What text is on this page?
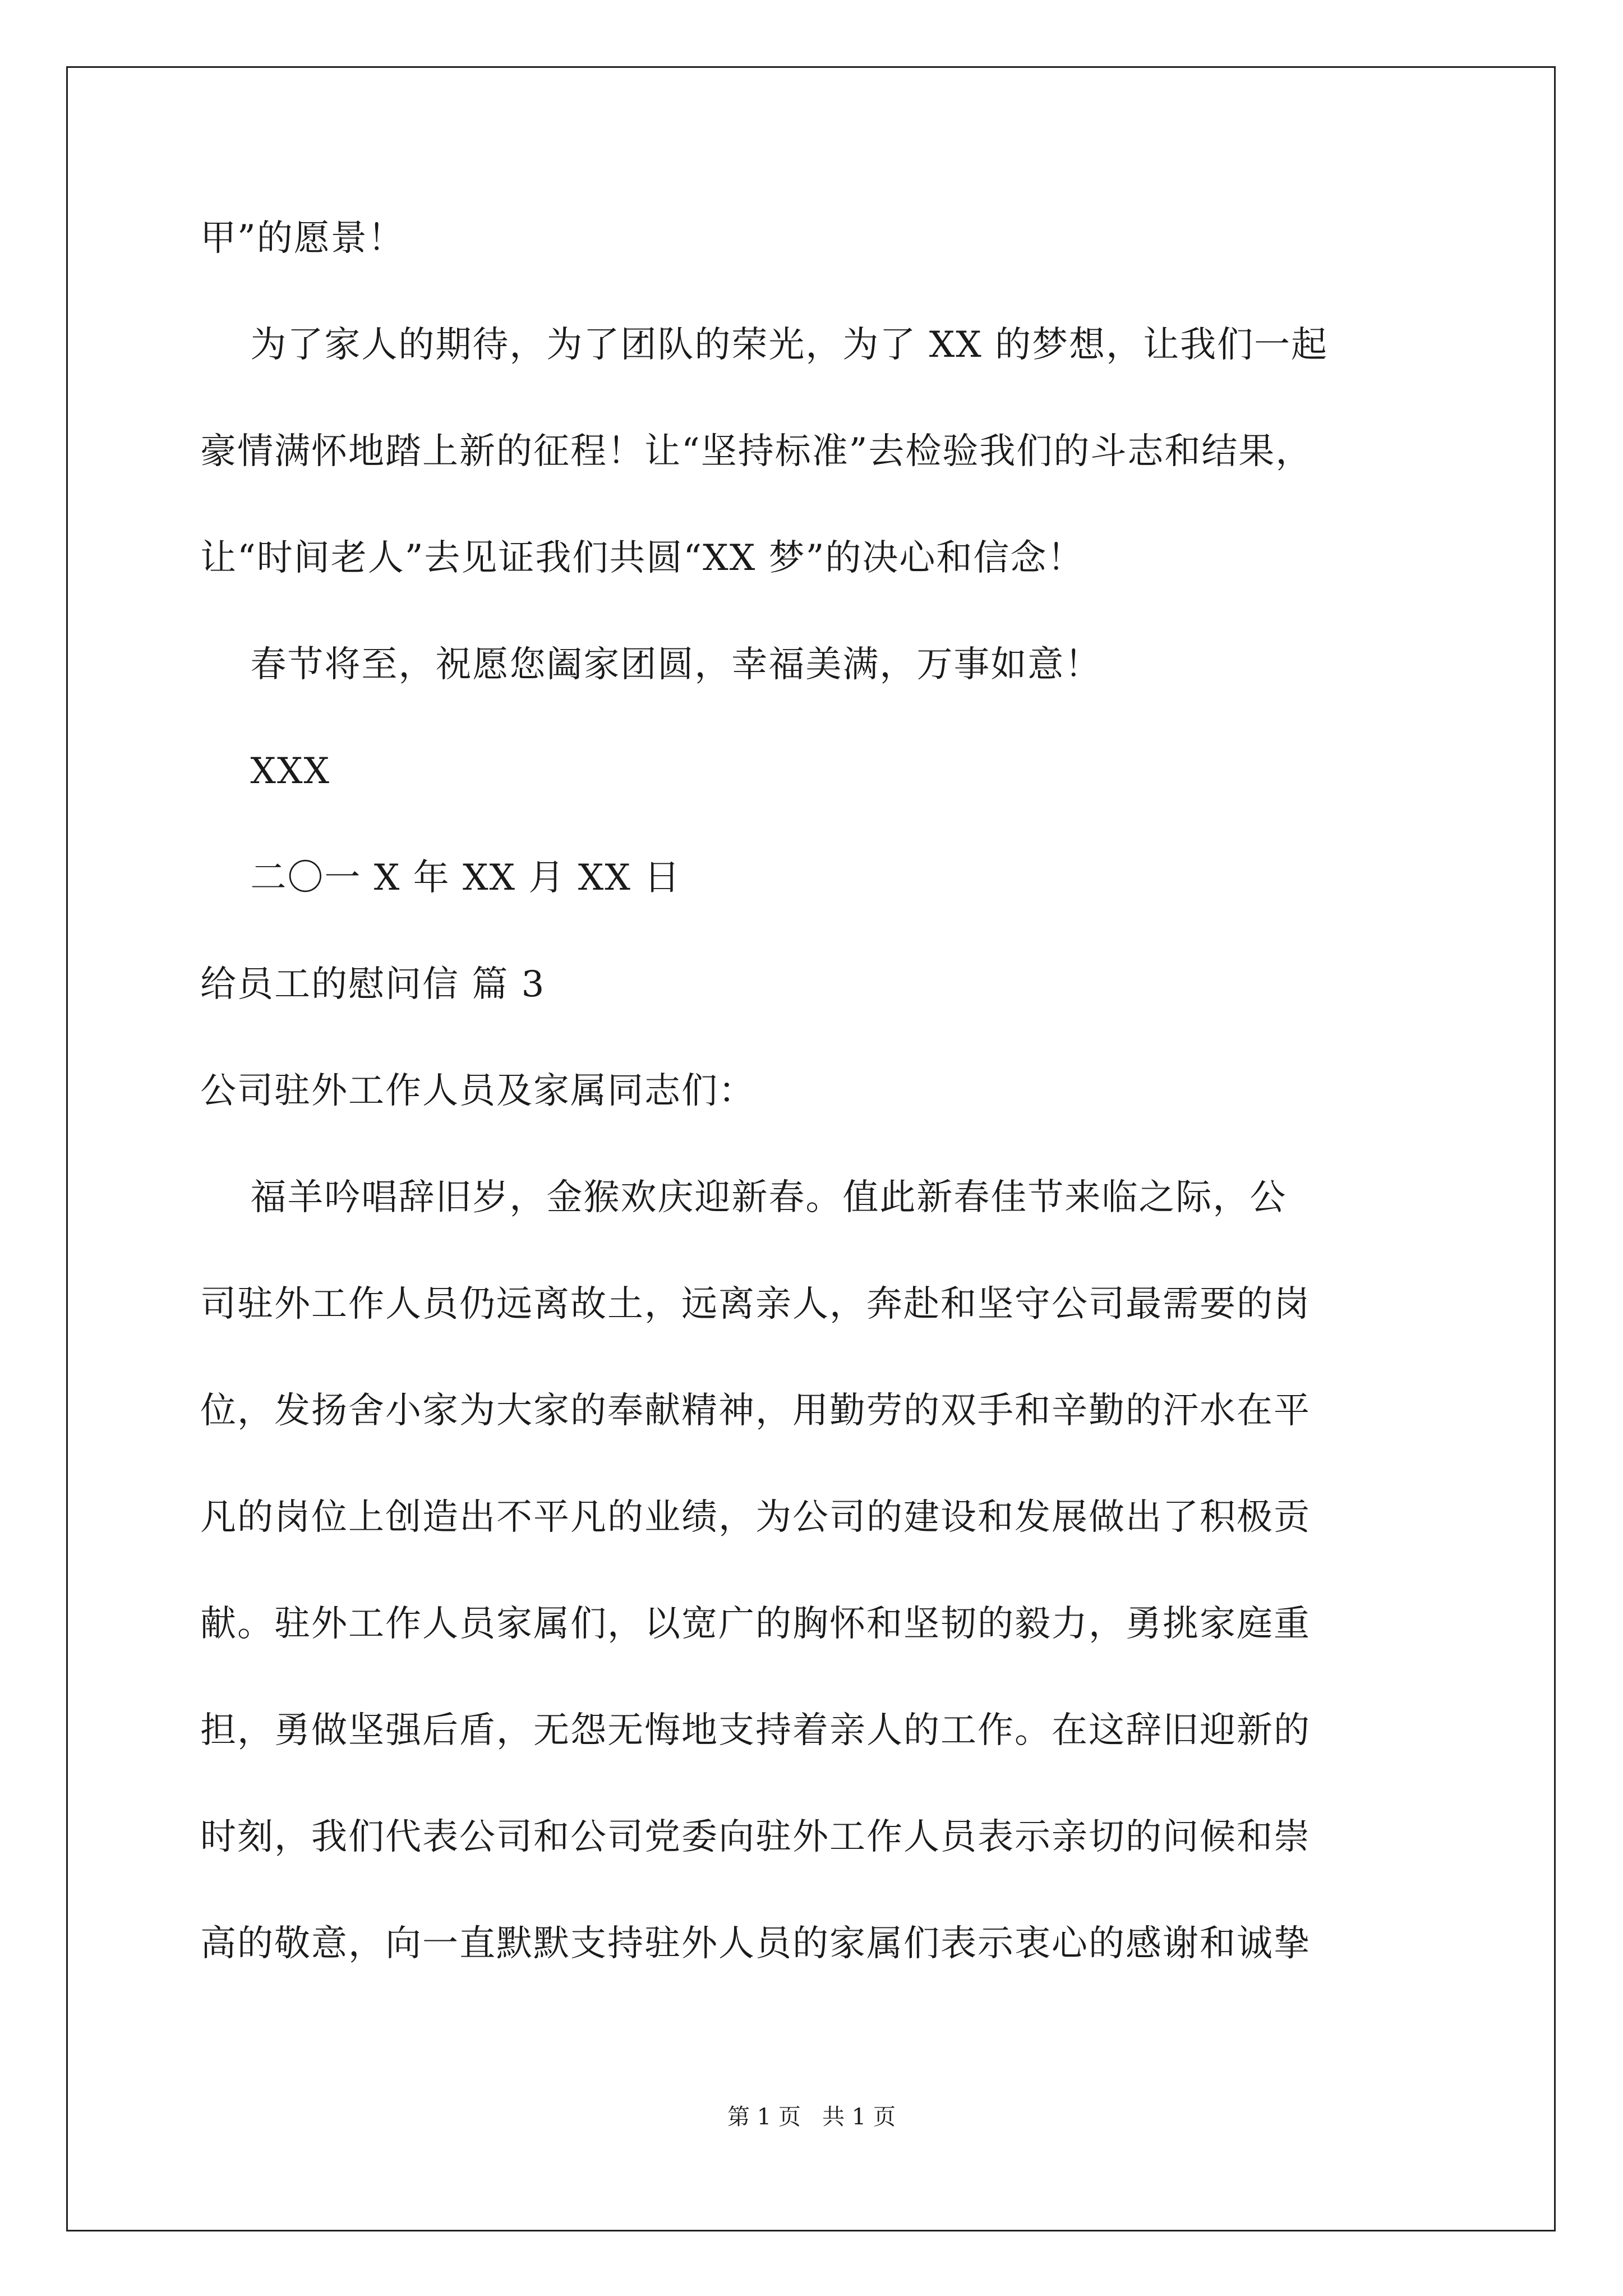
甲”的愿景！
为了家人的期待，为了团队的荣光，为了 XX 的梦想，让我们一起
豪情满怀地踏上新的征程！让“坚持标准”去检验我们的斗志和结果，
让“时间老人”去见证我们共圆“XX 梦”的决心和信念！
春节将至，祝愿您阖家团圆，幸福美满，万事如意！
XXX
二〇一 X 年 XX 月 XX 日
给员工的慰问信 篇 3
公司驻外工作人员及家属同志们：
福羊吟唱辞旧岁，金猴欢庆迎新春。值此新春佳节来临之际，公
司驻外工作人员仍远离故土，远离亲人，奔赴和坚守公司最需要的岗
位，发扬舍小家为大家的奉献精神，用勤劳的双手和辛勤的汗水在平
凡的岗位上创造出不平凡的业绩，为公司的建设和发展做出了积极贡
献。驻外工作人员家属们，以宽广的胸怀和坚韧的毅力，勇挑家庭重
担，勇做坚强后盾，无怨无悔地支持着亲人的工作。在这辞旧迎新的
时刻，我们代表公司和公司党委向驻外工作人员表示亲切的问候和崇
高的敬意，向一直默默支持驻外人员的家属们表示衷心的感谢和诚挚
第 1 页   共 1 页
